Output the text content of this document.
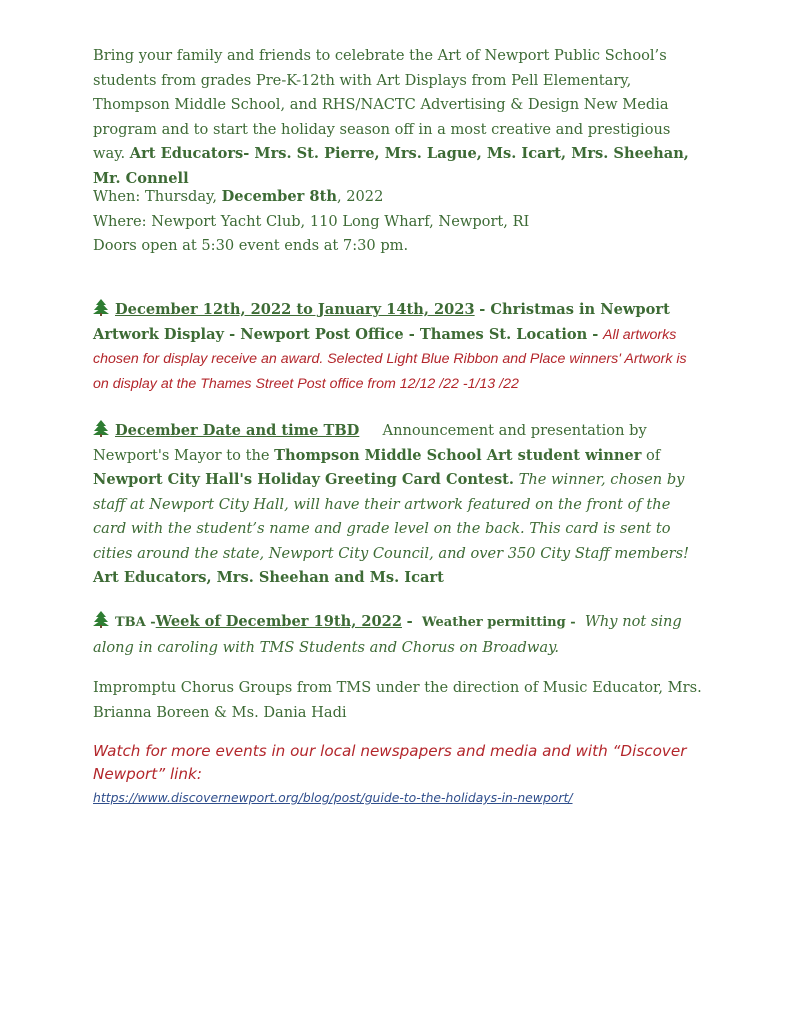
Bring your family and friends to celebrate the Art of Newport Public School’s students from grades Pre-K-12th with Art Displays from Pell Elementary, Thompson Middle School, and RHS/NACTC Advertising & Design New Media program and to start the holiday season off in a most creative and prestigious way. Art Educators- Mrs. St. Pierre, Mrs. Lague, Ms. Icart, Mrs. Sheehan, Mr. Connell
When: Thursday, December 8th, 2022
Where: Newport Yacht Club, 110 Long Wharf, Newport, RI
Doors open at 5:30 event ends at 7:30 pm.
December 12th, 2022 to January 14th, 2023 - Christmas in Newport Artwork Display - Newport Post Office - Thames St. Location - All artworks chosen for display receive an award. Selected Light Blue Ribbon and Place winners' Artwork is on display at the Thames Street Post office from 12/12 /22 -1/13 /22
December Date and time TBD Announcement and presentation by Newport's Mayor to the Thompson Middle School Art student winner of Newport City Hall's Holiday Greeting Card Contest. The winner, chosen by staff at Newport City Hall, will have their artwork featured on the front of the card with the student’s name and grade level on the back. This card is sent to cities around the state, Newport City Council, and over 350 City Staff members! Art Educators, Mrs. Sheehan and Ms. Icart
TBA -Week of December 19th, 2022 - Weather permitting - Why not sing along in caroling with TMS Students and Chorus on Broadway.
Impromptu Chorus Groups from TMS under the direction of Music Educator, Mrs. Brianna Boreen & Ms. Dania Hadi
Watch for more events in our local newspapers and media and with “Discover Newport” link:
https://www.discovernewport.org/blog/post/guide-to-the-holidays-in-newport/
